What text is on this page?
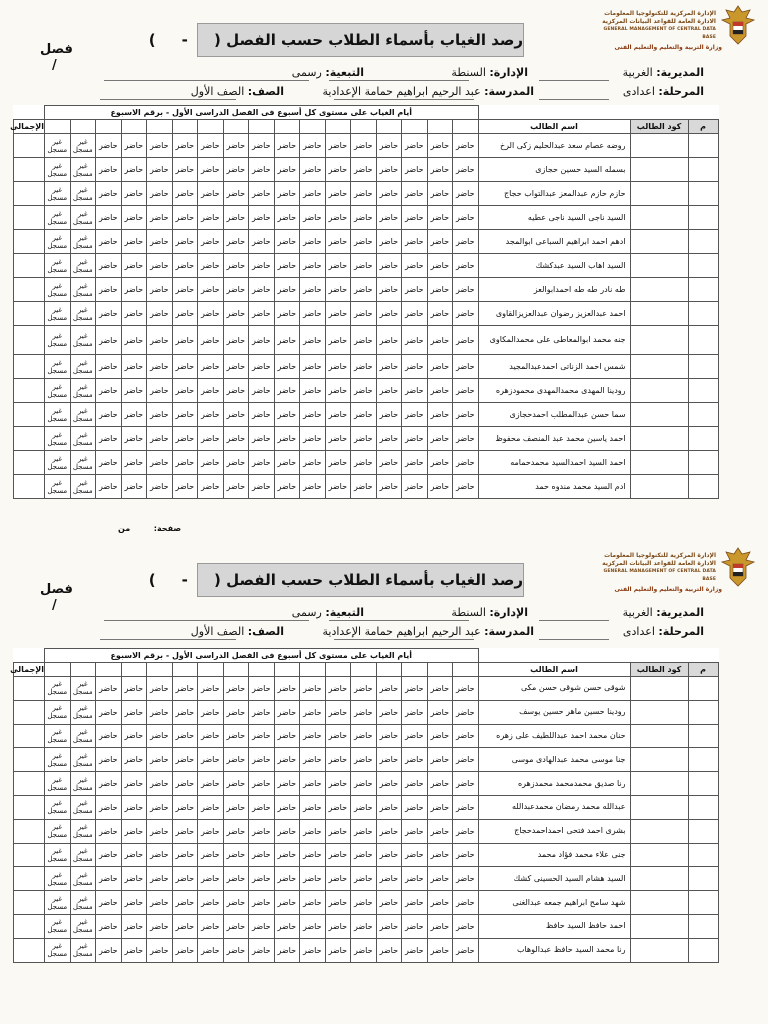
الإدارة المركزية للتكنولوجيا المعلومات
الادارة العامة للقواعد البيانات المركزية
GENERAL MANAGEMENT OF CENTRAL DATA BASE
وزارة التربية والتعليم والتعليم الفنى
رصد الغياب بأسماء الطلاب حسب الفصل (     -     )
فصل
/	المديرية: الغربية
الإدارة: السنطة
التبعية: رسمى
المرحلة: اعدادى
المدرسة: عبد الرحيم ابراهيم حمامة الإعدادية
الصف: الصف الأول
			أيام الغياب على مستوى كل أسبوع فى الفصل الدراسى الأول - برقم الاسبوع																	
م	كود الطالب	اسم الطالب																		الإجمالى
		روضه عصام سعد عبدالحليم زكى الرخ	حاضر	حاضر	حاضر	حاضر	حاضر	حاضر	حاضر	حاضر	حاضر	حاضر	حاضر	حاضر	حاضر	حاضر	حاضر	غير مسجل	غير مسجل	
		بسمله السيد حسين حجازى	حاضر	حاضر	حاضر	حاضر	حاضر	حاضر	حاضر	حاضر	حاضر	حاضر	حاضر	حاضر	حاضر	حاضر	حاضر	غير مسجل	غير مسجل	
		حازم حازم عبدالمعز عبدالتواب حجاج	حاضر	حاضر	حاضر	حاضر	حاضر	حاضر	حاضر	حاضر	حاضر	حاضر	حاضر	حاضر	حاضر	حاضر	حاضر	غير مسجل	غير مسجل	
		السيد ناجى السيد ناجى عطيه	حاضر	حاضر	حاضر	حاضر	حاضر	حاضر	حاضر	حاضر	حاضر	حاضر	حاضر	حاضر	حاضر	حاضر	حاضر	غير مسجل	غير مسجل	
		ادهم احمد ابراهيم السباعى ابوالمجد	حاضر	حاضر	حاضر	حاضر	حاضر	حاضر	حاضر	حاضر	حاضر	حاضر	حاضر	حاضر	حاضر	حاضر	حاضر	غير مسجل	غير مسجل	
		السيد اهاب السيد عبدكشك	حاضر	حاضر	حاضر	حاضر	حاضر	حاضر	حاضر	حاضر	حاضر	حاضر	حاضر	حاضر	حاضر	حاضر	حاضر	غير مسجل	غير مسجل	
		طه نادر طه طه احمدابوالعز	حاضر	حاضر	حاضر	حاضر	حاضر	حاضر	حاضر	حاضر	حاضر	حاضر	حاضر	حاضر	حاضر	حاضر	حاضر	غير مسجل	غير مسجل	
		احمد عبدالعزيز رضوان عبدالعزيزالقاوى	حاضر	حاضر	حاضر	حاضر	حاضر	حاضر	حاضر	حاضر	حاضر	حاضر	حاضر	حاضر	حاضر	حاضر	حاضر	غير مسجل	غير مسجل	
		جنه محمد ابوالمعاطى على محمدالمكاوى	حاضر	حاضر	حاضر	حاضر	حاضر	حاضر	حاضر	حاضر	حاضر	حاضر	حاضر	حاضر	حاضر	حاضر	حاضر	غير مسجل	غير مسجل	
		شمس احمد الزناتى احمدعبدالمجيد	حاضر	حاضر	حاضر	حاضر	حاضر	حاضر	حاضر	حاضر	حاضر	حاضر	حاضر	حاضر	حاضر	حاضر	حاضر	غير مسجل	غير مسجل	
		رودينا المهدى محمدالمهدى محمودزهره	حاضر	حاضر	حاضر	حاضر	حاضر	حاضر	حاضر	حاضر	حاضر	حاضر	حاضر	حاضر	حاضر	حاضر	حاضر	غير مسجل	غير مسجل	
		سما حسن عبدالمطلب احمدحجازى	حاضر	حاضر	حاضر	حاضر	حاضر	حاضر	حاضر	حاضر	حاضر	حاضر	حاضر	حاضر	حاضر	حاضر	حاضر	غير مسجل	غير مسجل	
		احمد ياسين محمد عبد المنصف محفوظ	حاضر	حاضر	حاضر	حاضر	حاضر	حاضر	حاضر	حاضر	حاضر	حاضر	حاضر	حاضر	حاضر	حاضر	حاضر	غير مسجل	غير مسجل	
		احمد السيد احمدالسيد محمدحمامه	حاضر	حاضر	حاضر	حاضر	حاضر	حاضر	حاضر	حاضر	حاضر	حاضر	حاضر	حاضر	حاضر	حاضر	حاضر	غير مسجل	غير مسجل	
		ادم السيد محمد مندوه حمد	حاضر	حاضر	حاضر	حاضر	حاضر	حاضر	حاضر	حاضر	حاضر	حاضر	حاضر	حاضر	حاضر	حاضر	حاضر	غير مسجل	غير مسجل	
صفحة:  من
الإدارة المركزية للتكنولوجيا المعلومات
الادارة العامة للقواعد البيانات المركزية
GENERAL MANAGEMENT OF CENTRAL DATA BASE
وزارة التربية والتعليم والتعليم الفنى
رصد الغياب بأسماء الطلاب حسب الفصل (     -     )
فصل
/	المديرية: الغربية
الإدارة: السنطة
التبعية: رسمى
المرحلة: اعدادى
المدرسة: عبد الرحيم ابراهيم حمامة الإعدادية
الصف: الصف الأول
			أيام الغياب على مستوى كل أسبوع فى الفصل الدراسى الأول - برقم الاسبوع																	
م	كود الطالب	اسم الطالب																		الإجمالى
		شوقى حسن شوقى حسن مكى	حاضر	حاضر	حاضر	حاضر	حاضر	حاضر	حاضر	حاضر	حاضر	حاضر	حاضر	حاضر	حاضر	حاضر	حاضر	غير مسجل	غير مسجل	
		رودينا حسين ماهر حسين يوسف	حاضر	حاضر	حاضر	حاضر	حاضر	حاضر	حاضر	حاضر	حاضر	حاضر	حاضر	حاضر	حاضر	حاضر	حاضر	غير مسجل	غير مسجل	
		حنان محمد احمد عبداللطيف على زهره	حاضر	حاضر	حاضر	حاضر	حاضر	حاضر	حاضر	حاضر	حاضر	حاضر	حاضر	حاضر	حاضر	حاضر	حاضر	غير مسجل	غير مسجل	
		جنا موسى محمد عبدالهادى موسى	حاضر	حاضر	حاضر	حاضر	حاضر	حاضر	حاضر	حاضر	حاضر	حاضر	حاضر	حاضر	حاضر	حاضر	حاضر	غير مسجل	غير مسجل	
		رنا صديق محمدمحمد محمدزهره	حاضر	حاضر	حاضر	حاضر	حاضر	حاضر	حاضر	حاضر	حاضر	حاضر	حاضر	حاضر	حاضر	حاضر	حاضر	غير مسجل	غير مسجل	
		عبدالله محمد رمضان محمدعبدالله	حاضر	حاضر	حاضر	حاضر	حاضر	حاضر	حاضر	حاضر	حاضر	حاضر	حاضر	حاضر	حاضر	حاضر	حاضر	غير مسجل	غير مسجل	
		بشرى احمد فتحى احمداحمدحجاج	حاضر	حاضر	حاضر	حاضر	حاضر	حاضر	حاضر	حاضر	حاضر	حاضر	حاضر	حاضر	حاضر	حاضر	حاضر	غير مسجل	غير مسجل	
		جنى علاء محمد فؤاد محمد	حاضر	حاضر	حاضر	حاضر	حاضر	حاضر	حاضر	حاضر	حاضر	حاضر	حاضر	حاضر	حاضر	حاضر	حاضر	غير مسجل	غير مسجل	
		السيد هشام السيد الحسينى كشك	حاضر	حاضر	حاضر	حاضر	حاضر	حاضر	حاضر	حاضر	حاضر	حاضر	حاضر	حاضر	حاضر	حاضر	حاضر	غير مسجل	غير مسجل	
		شهد سامح ابراهيم جمعه عبدالغنى	حاضر	حاضر	حاضر	حاضر	حاضر	حاضر	حاضر	حاضر	حاضر	حاضر	حاضر	حاضر	حاضر	حاضر	حاضر	غير مسجل	غير مسجل	
		احمد حافظ السيد حافظ	حاضر	حاضر	حاضر	حاضر	حاضر	حاضر	حاضر	حاضر	حاضر	حاضر	حاضر	حاضر	حاضر	حاضر	حاضر	غير مسجل	غير مسجل	
		رنا محمد السيد حافظ عبدالوهاب	حاضر	حاضر	حاضر	حاضر	حاضر	حاضر	حاضر	حاضر	حاضر	حاضر	حاضر	حاضر	حاضر	حاضر	حاضر	غير مسجل	غير مسجل	
